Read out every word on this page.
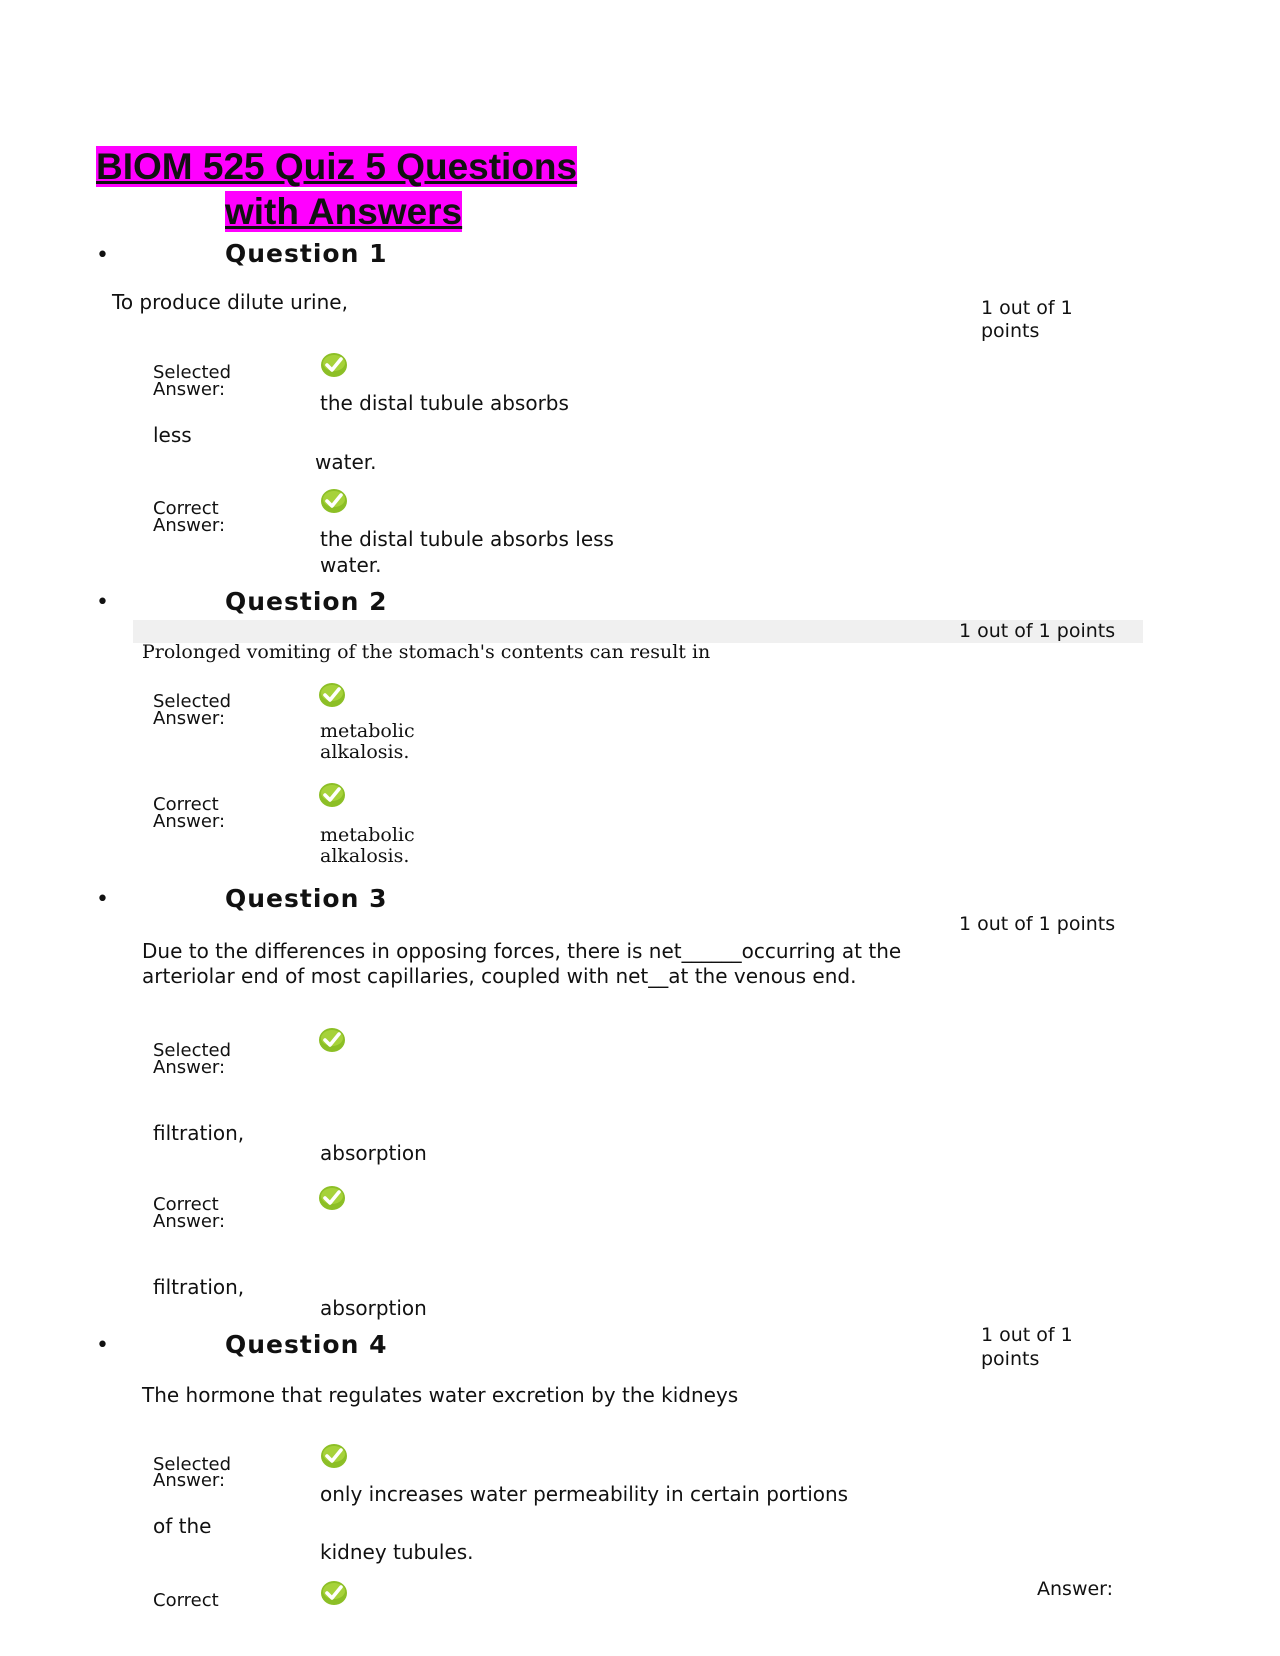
BIOM 525 Quiz 5 Questions
with Answers
•	Question 1
To produce dilute urine,	1 out of 1
points
Selected
Answer:
the distal tubule absorbs
less
water.
Correct
Answer:
the distal tubule absorbs less
water.
•	Question 2
1 out of 1 points
Prolonged vomiting of the stomach's contents can result in
Selected
Answer:
metabolic
alkalosis.
Correct
Answer:
metabolic
alkalosis.
•	Question 3
1 out of 1 points
Due to the differences in opposing forces, there is net______occurring at the
arteriolar end of most capillaries, coupled with net__at the venous end.
Selected
Answer:
filtration,
absorption
Correct
Answer:
filtration,
absorption
•	Question 4	1 out of 1
points
The hormone that regulates water excretion by the kidneys
Selected
Answer:
only increases water permeability in certain portions
of the
kidney tubules.
Correct
Answer:
